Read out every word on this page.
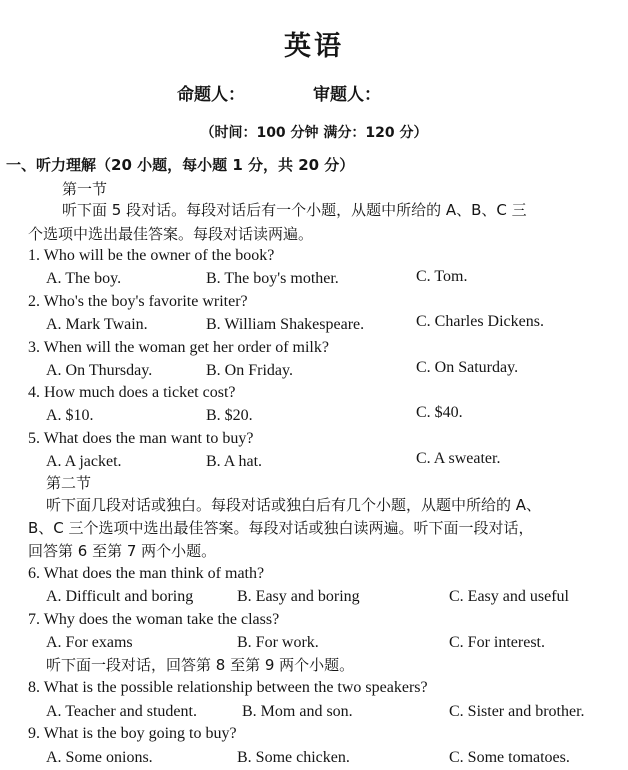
英语
命题人：	审题人：
（时间：100 分钟 满分：120 分）
一、听力理解（20 小题，每小题 1 分，共 20 分）
第一节
听下面 5 段对话。每段对话后有一个小题，从题中所给的 A、B、C 三
个选项中选出最佳答案。每段对话读两遍。
1. Who will be the owner of the book?
A. The boy.	B. The boy's mother.	C. Tom.
2. Who's the boy's favorite writer?
A. Mark Twain.	B. William Shakespeare.	C. Charles Dickens.
3. When will the woman get her order of milk?
A. On Thursday.	B. On Friday.	C. On Saturday.
4. How much does a ticket cost?
A. $10.	B. $20.	C. $40.
5. What does the man want to buy?
A. A jacket.	B. A hat.	C. A sweater.
第二节
听下面几段对话或独白。每段对话或独白后有几个小题，从题中所给的 A、
B、C 三个选项中选出最佳答案。每段对话或独白读两遍。听下面一段对话，
回答第 6 至第 7 两个小题。
6. What does the man think of math?
A. Difficult and boring	B. Easy and boring	C. Easy and useful
7. Why does the woman take the class?
A. For exams	B. For work.	C. For interest.
听下面一段对话，回答第 8 至第 9 两个小题。
8. What is the possible relationship between the two speakers?
A. Teacher and student.	B. Mom and son.	C. Sister and brother.
9. What is the boy going to buy?
A. Some onions.	B. Some chicken.	C. Some tomatoes.
